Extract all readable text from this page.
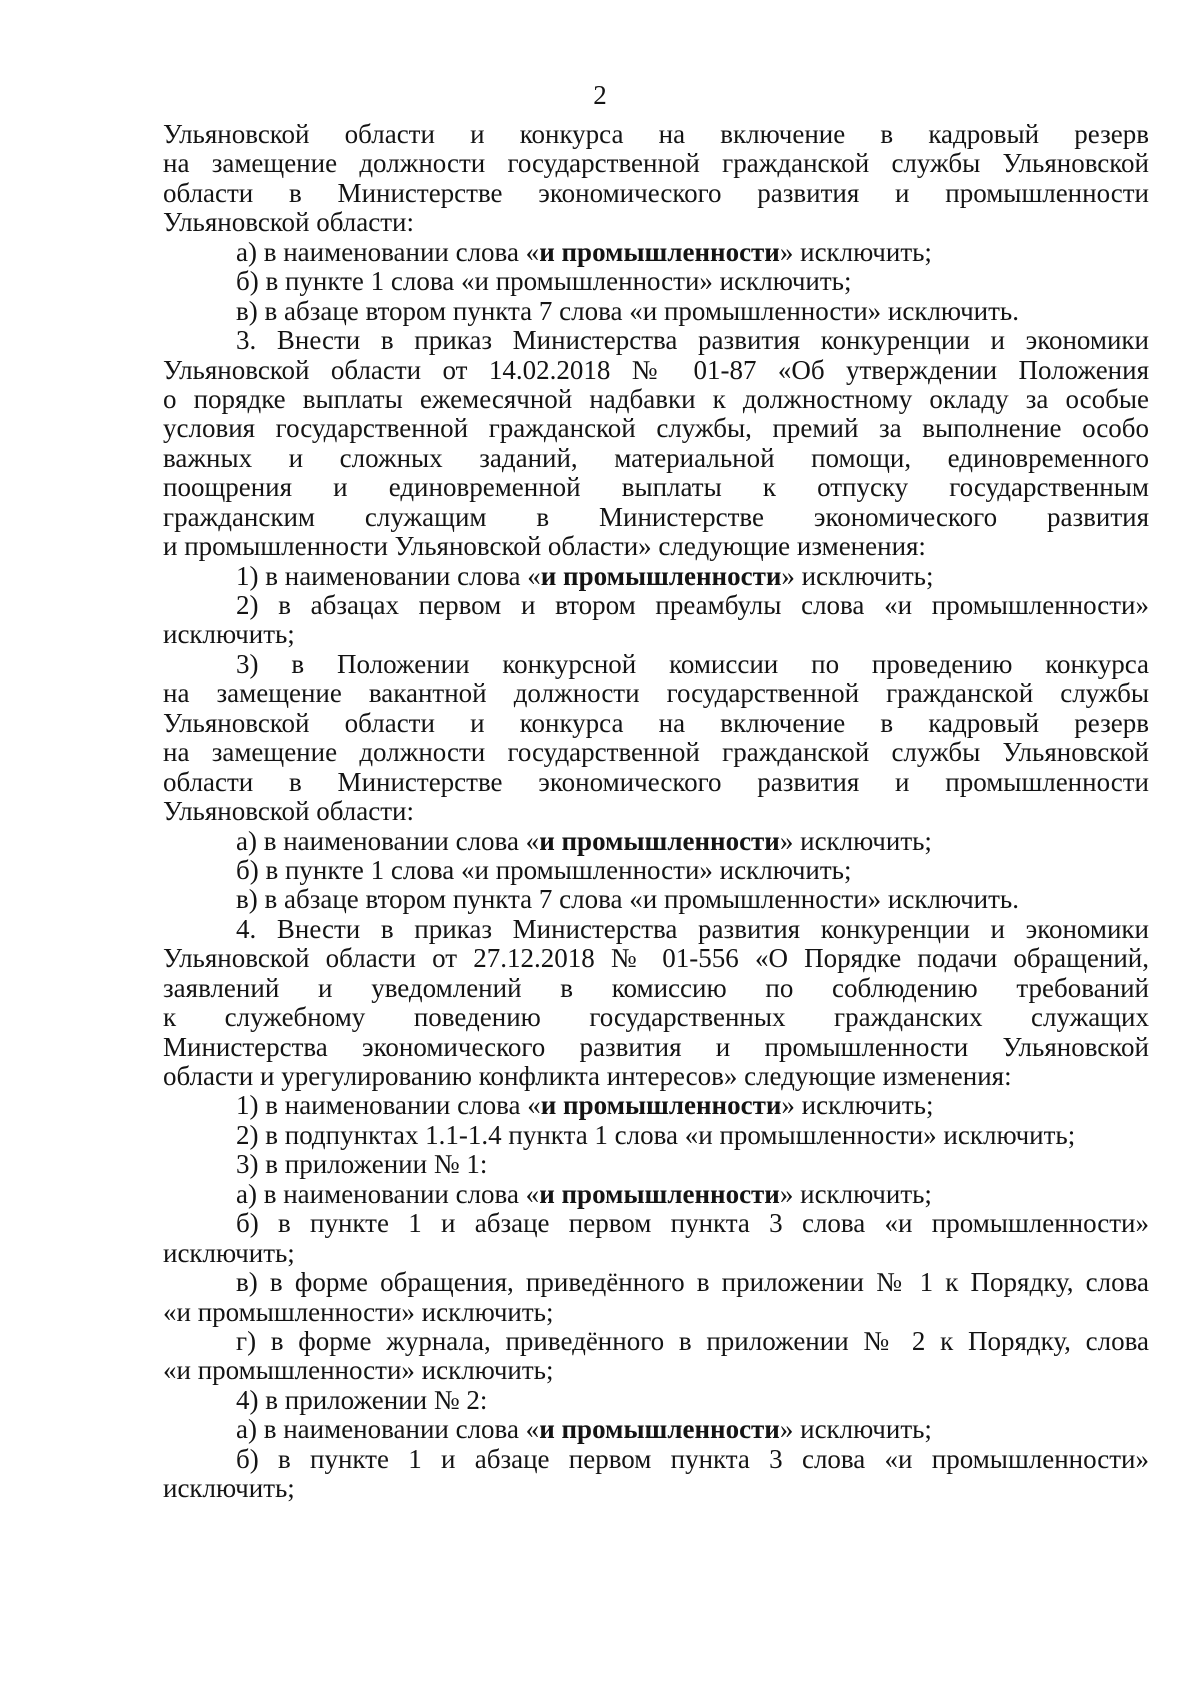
2
Ульяновской области и конкурса на включение в кадровый резерв
на замещение должности государственной гражданской службы Ульяновской
области в Министерстве экономического развития и промышленности
Ульяновской области:
а) в наименовании слова «и промышленности» исключить;
б) в пункте 1 слова «и промышленности» исключить;
в) в абзаце втором пункта 7 слова «и промышленности» исключить.
3. Внести в приказ Министерства развития конкуренции и экономики
Ульяновской области от 14.02.2018 № 01-87 «Об утверждении Положения
о порядке выплаты ежемесячной надбавки к должностному окладу за особые
условия государственной гражданской службы, премий за выполнение особо
важных и сложных заданий, материальной помощи, единовременного
поощрения и единовременной выплаты к отпуску государственным
гражданским служащим в Министерстве экономического развития
и промышленности Ульяновской области» следующие изменения:
1) в наименовании слова «и промышленности» исключить;
2) в абзацах первом и втором преамбулы слова «и промышленности»
исключить;
3) в Положении конкурсной комиссии по проведению конкурса
на замещение вакантной должности государственной гражданской службы
Ульяновской области и конкурса на включение в кадровый резерв
на замещение должности государственной гражданской службы Ульяновской
области в Министерстве экономического развития и промышленности
Ульяновской области:
а) в наименовании слова «и промышленности» исключить;
б) в пункте 1 слова «и промышленности» исключить;
в) в абзаце втором пункта 7 слова «и промышленности» исключить.
4. Внести в приказ Министерства развития конкуренции и экономики
Ульяновской области от 27.12.2018 № 01-556 «О Порядке подачи обращений,
заявлений и уведомлений в комиссию по соблюдению требований
к служебному поведению государственных гражданских служащих
Министерства экономического развития и промышленности Ульяновской
области и урегулированию конфликта интересов» следующие изменения:
1) в наименовании слова «и промышленности» исключить;
2) в подпунктах 1.1-1.4 пункта 1 слова «и промышленности» исключить;
3) в приложении № 1:
а) в наименовании слова «и промышленности» исключить;
б) в пункте 1 и абзаце первом пункта 3 слова «и промышленности»
исключить;
в) в форме обращения, приведённого в приложении № 1 к Порядку, слова
«и промышленности» исключить;
г) в форме журнала, приведённого в приложении № 2 к Порядку, слова
«и промышленности» исключить;
4) в приложении № 2:
а) в наименовании слова «и промышленности» исключить;
б) в пункте 1 и абзаце первом пункта 3 слова «и промышленности»
исключить;
